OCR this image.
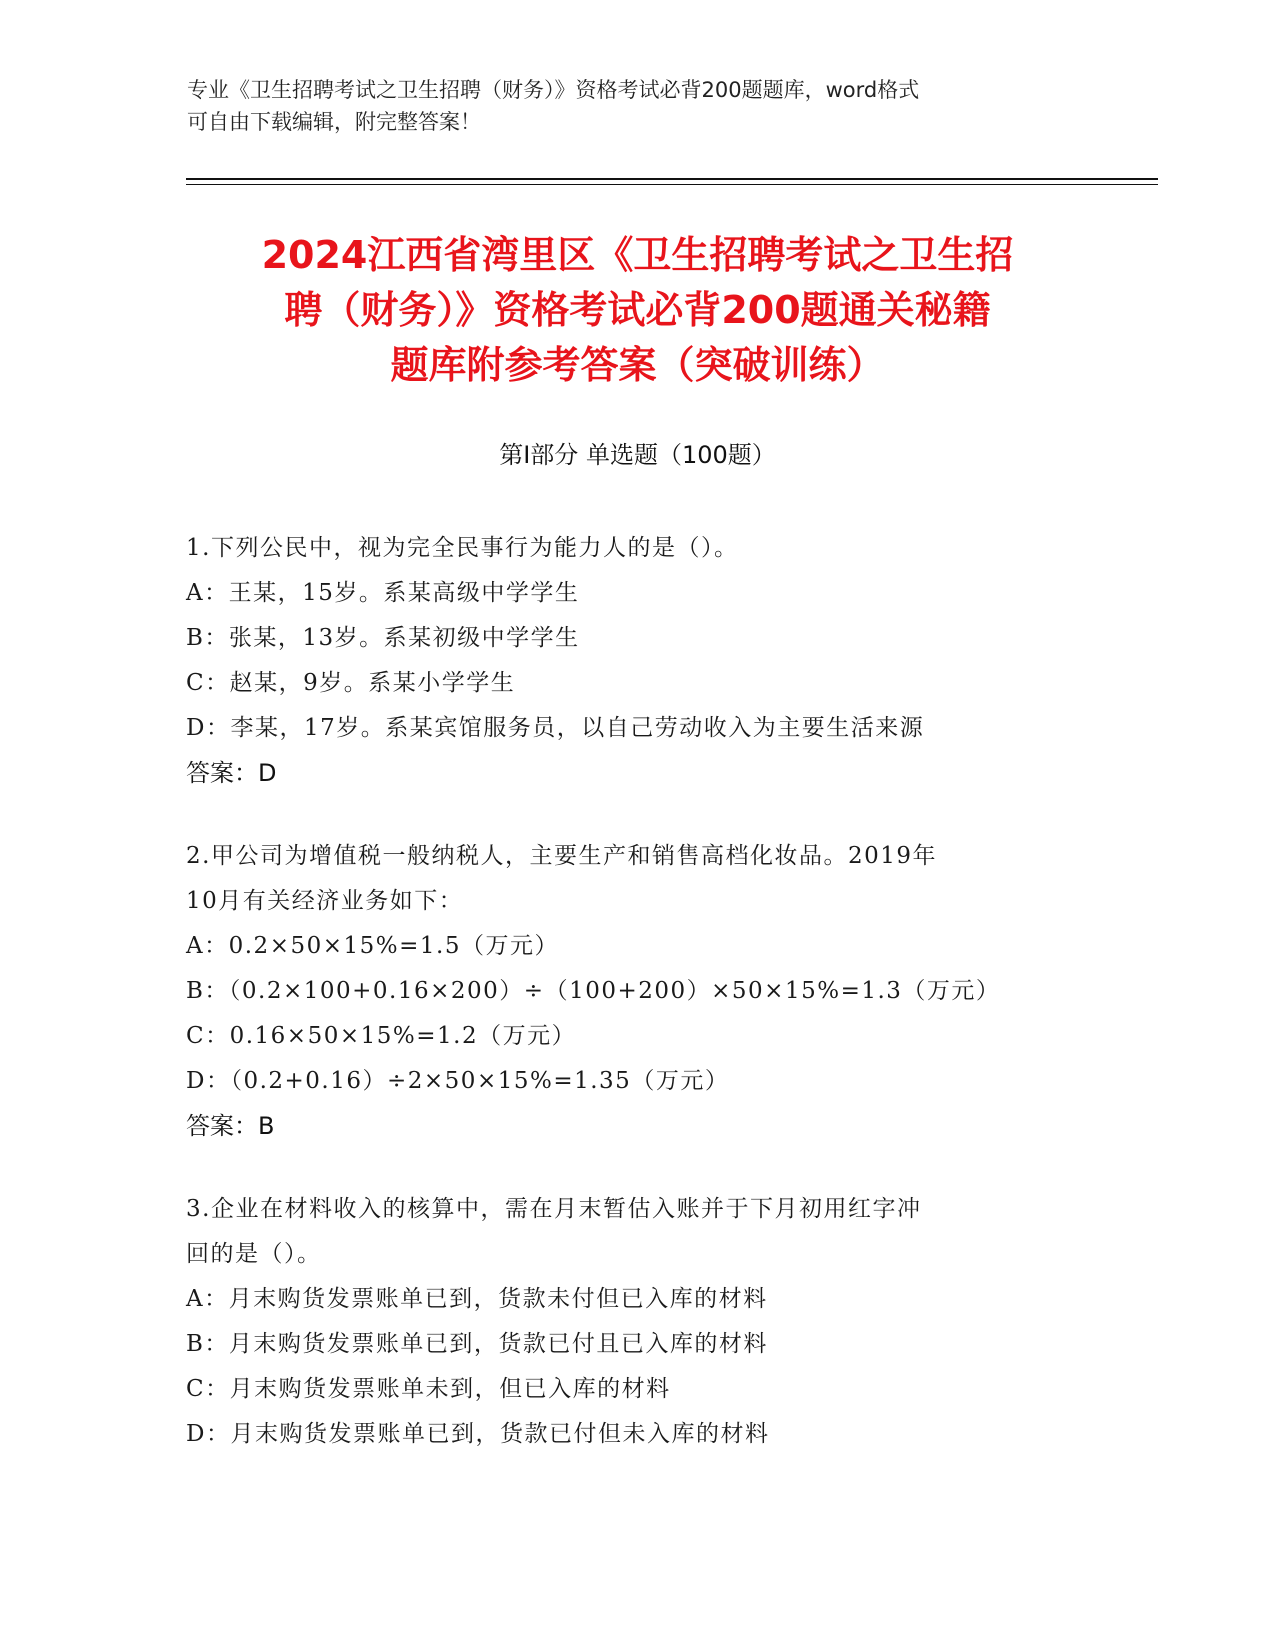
专业《卫生招聘考试之卫生招聘（财务）》资格考试必背200题题库，word格式
可自由下载编辑，附完整答案！
2024江西省湾里区《卫生招聘考试之卫生招
聘（财务）》资格考试必背200题通关秘籍
题库附参考答案（突破训练）
第Ⅰ部分 单选题（100题）

1.下列公民中，视为完全民事行为能力人的是（）。

A：王某，15岁。系某高级中学学生

B：张某，13岁。系某初级中学学生

C：赵某，9岁。系某小学学生

D：李某，17岁。系某宾馆服务员，以自己劳动收入为主要生活来源

答案：D

2.甲公司为增值税一般纳税人，主要生产和销售高档化妆品。2019年

10月有关经济业务如下：

A：0.2×50×15%=1.5（万元）

B：（0.2×100+0.16×200）÷（100+200）×50×15%=1.3（万元）

C：0.16×50×15%=1.2（万元）

D：（0.2+0.16）÷2×50×15%=1.35（万元）

答案：B

3.企业在材料收入的核算中，需在月末暂估入账并于下月初用红字冲

回的是（）。

A：月末购货发票账单已到，货款未付但已入库的材料

B：月末购货发票账单已到，货款已付且已入库的材料

C：月末购货发票账单未到，但已入库的材料

D：月末购货发票账单已到，货款已付但未入库的材料
